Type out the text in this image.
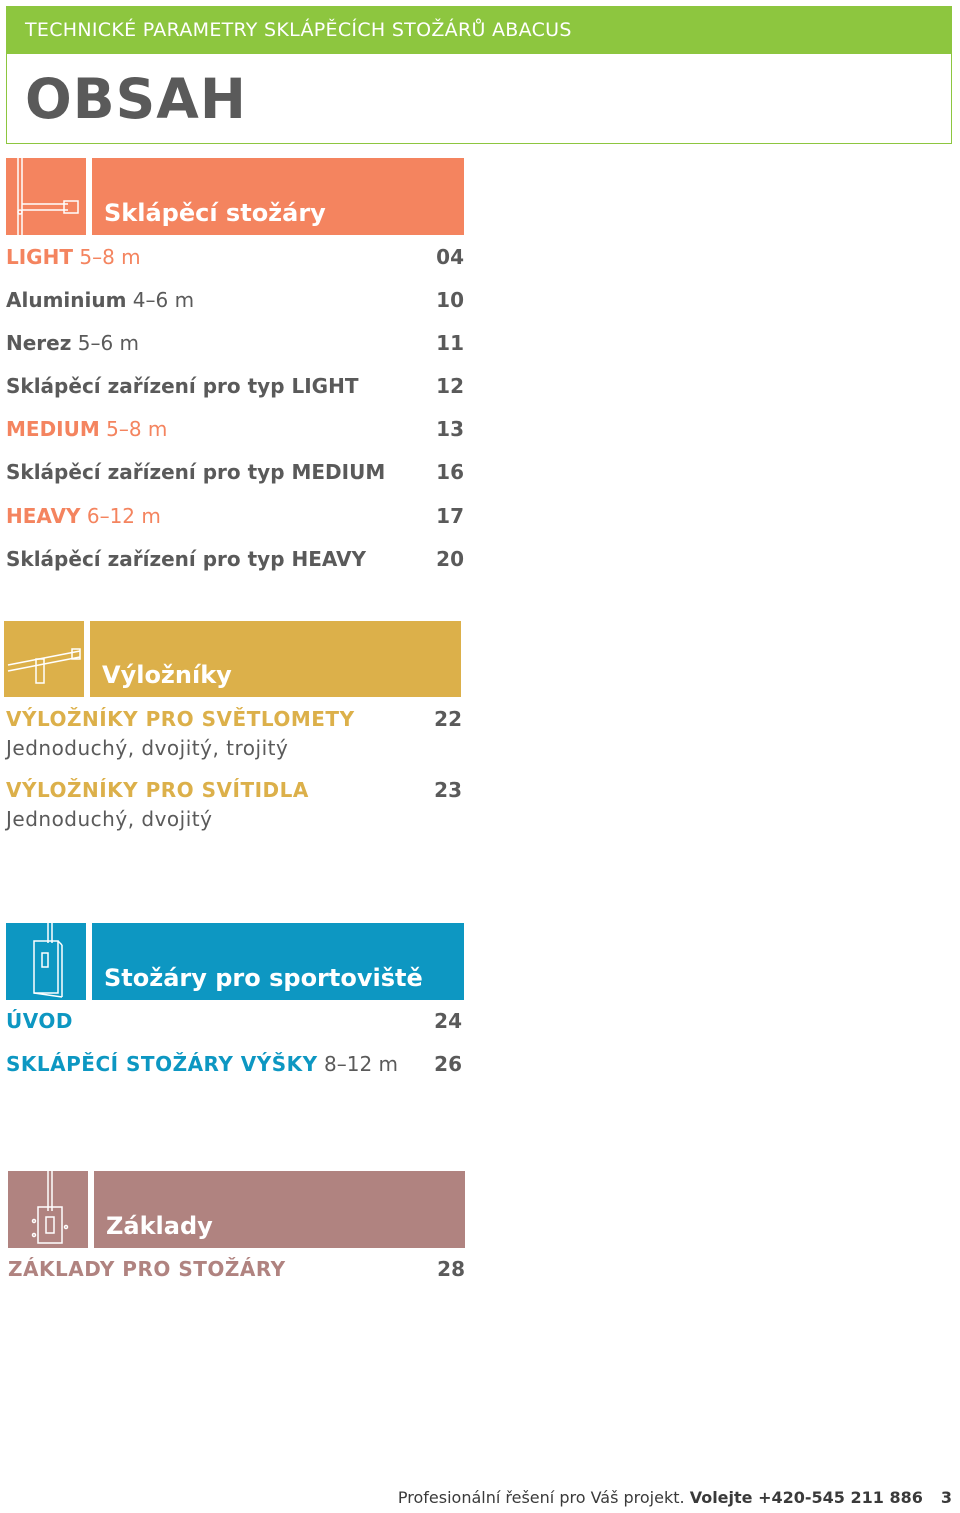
TECHNICKÉ PARAMETRY SKLÁPĚCÍCH STOŽÁRŮ ABACUS
OBSAH
Sklápěcí stožáry
LIGHT 5–8 m	04
Aluminium 4–6 m	10
Nerez 5–6 m	11
Sklápěcí zařízení pro typ LIGHT	12
MEDIUM 5–8 m	13
Sklápěcí zařízení pro typ MEDIUM	16
HEAVY 6–12 m	17
Sklápěcí zařízení pro typ HEAVY	20
Výložníky
VÝLOŽNÍKY PRO SVĚTLOMETY	22
Jednoduchý, dvojitý, trojitý
VÝLOŽNÍKY PRO SVÍTIDLA	23
Jednoduchý, dvojitý
Stožáry pro sportoviště
ÚVOD	24
SKLÁPĚCÍ STOŽÁRY VÝŠKY 8–12 m 26
Základy
ZÁKLADY PRO STOŽÁRY	28
Profesionální řešení pro Váš projekt. Volejte +420-545 211 886 3
